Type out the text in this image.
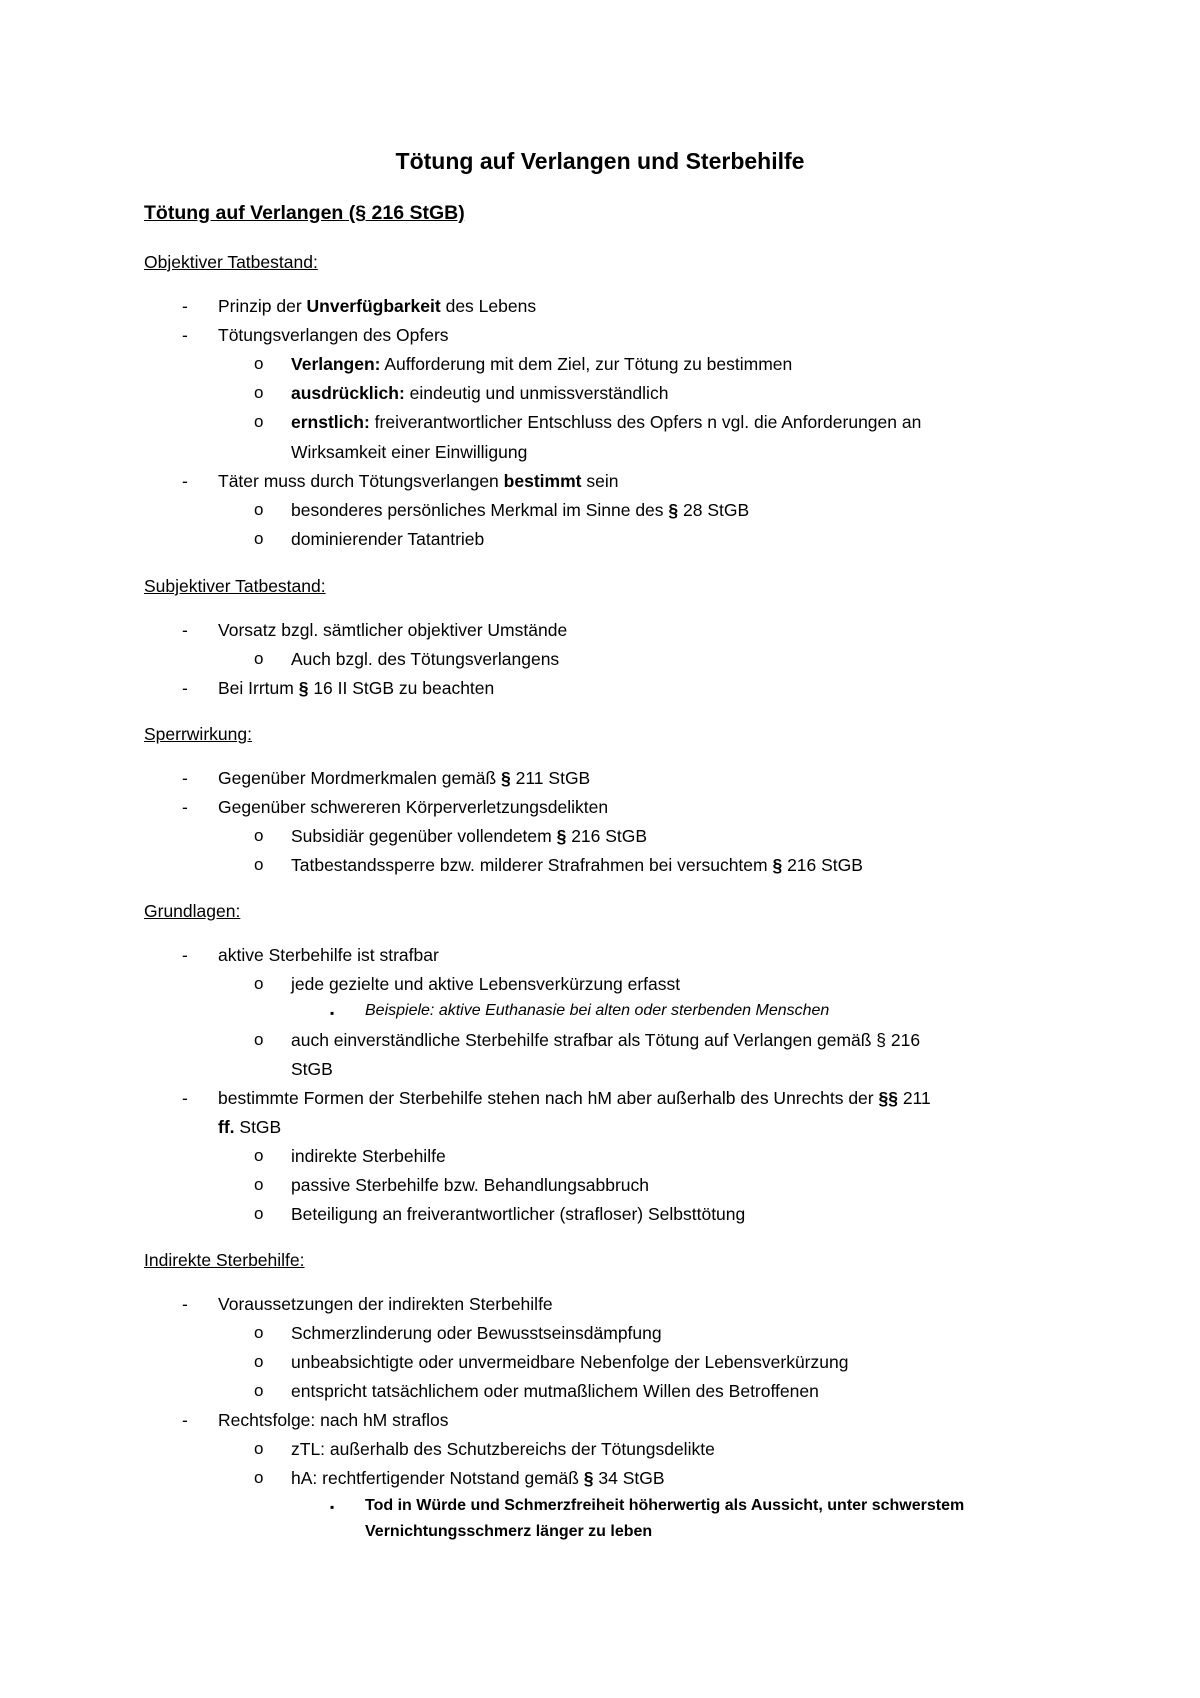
Tötung auf Verlangen und Sterbehilfe
Tötung auf Verlangen (§ 216 StGB)
Objektiver Tatbestand:
- Prinzip der Unverfügbarkeit des Lebens
- Tötungsverlangen des Opfers
o Verlangen: Aufforderung mit dem Ziel, zur Tötung zu bestimmen
o ausdrücklich: eindeutig und unmissverständlich
o ernstlich: freiverantwortlicher Entschluss des Opfers n vgl. die Anforderungen an
Wirksamkeit einer Einwilligung
- Täter muss durch Tötungsverlangen bestimmt sein
o besonderes persönliches Merkmal im Sinne des § 28 StGB
o dominierender Tatantrieb
Subjektiver Tatbestand:
- Vorsatz bzgl. sämtlicher objektiver Umstände
o Auch bzgl. des Tötungsverlangens
- Bei Irrtum § 16 II StGB zu beachten
Sperrwirkung:
- Gegenüber Mordmerkmalen gemäß § 211 StGB
- Gegenüber schwereren Körperverletzungsdelikten
o Subsidiär gegenüber vollendetem § 216 StGB
o Tatbestandssperre bzw. milderer Strafrahmen bei versuchtem § 216 StGB
Grundlagen:
- aktive Sterbehilfe ist strafbar
o jede gezielte und aktive Lebensverkürzung erfasst
▪ Beispiele: aktive Euthanasie bei alten oder sterbenden Menschen
o auch einverständliche Sterbehilfe strafbar als Tötung auf Verlangen gemäß § 216
StGB
- bestimmte Formen der Sterbehilfe stehen nach hM aber außerhalb des Unrechts der §§ 211
ff. StGB
o indirekte Sterbehilfe
o passive Sterbehilfe bzw. Behandlungsabbruch
o Beteiligung an freiverantwortlicher (strafloser) Selbsttötung
Indirekte Sterbehilfe:
- Voraussetzungen der indirekten Sterbehilfe
o Schmerzlinderung oder Bewusstseinsdämpfung
o unbeabsichtigte oder unvermeidbare Nebenfolge der Lebensverkürzung
o entspricht tatsächlichem oder mutmaßlichem Willen des Betroffenen
- Rechtsfolge: nach hM straflos
o zTL: außerhalb des Schutzbereichs der Tötungsdelikte
o hA: rechtfertigender Notstand gemäß § 34 StGB
▪ Tod in Würde und Schmerzfreiheit höherwertig als Aussicht, unter schwerstem
Vernichtungsschmerz länger zu leben
